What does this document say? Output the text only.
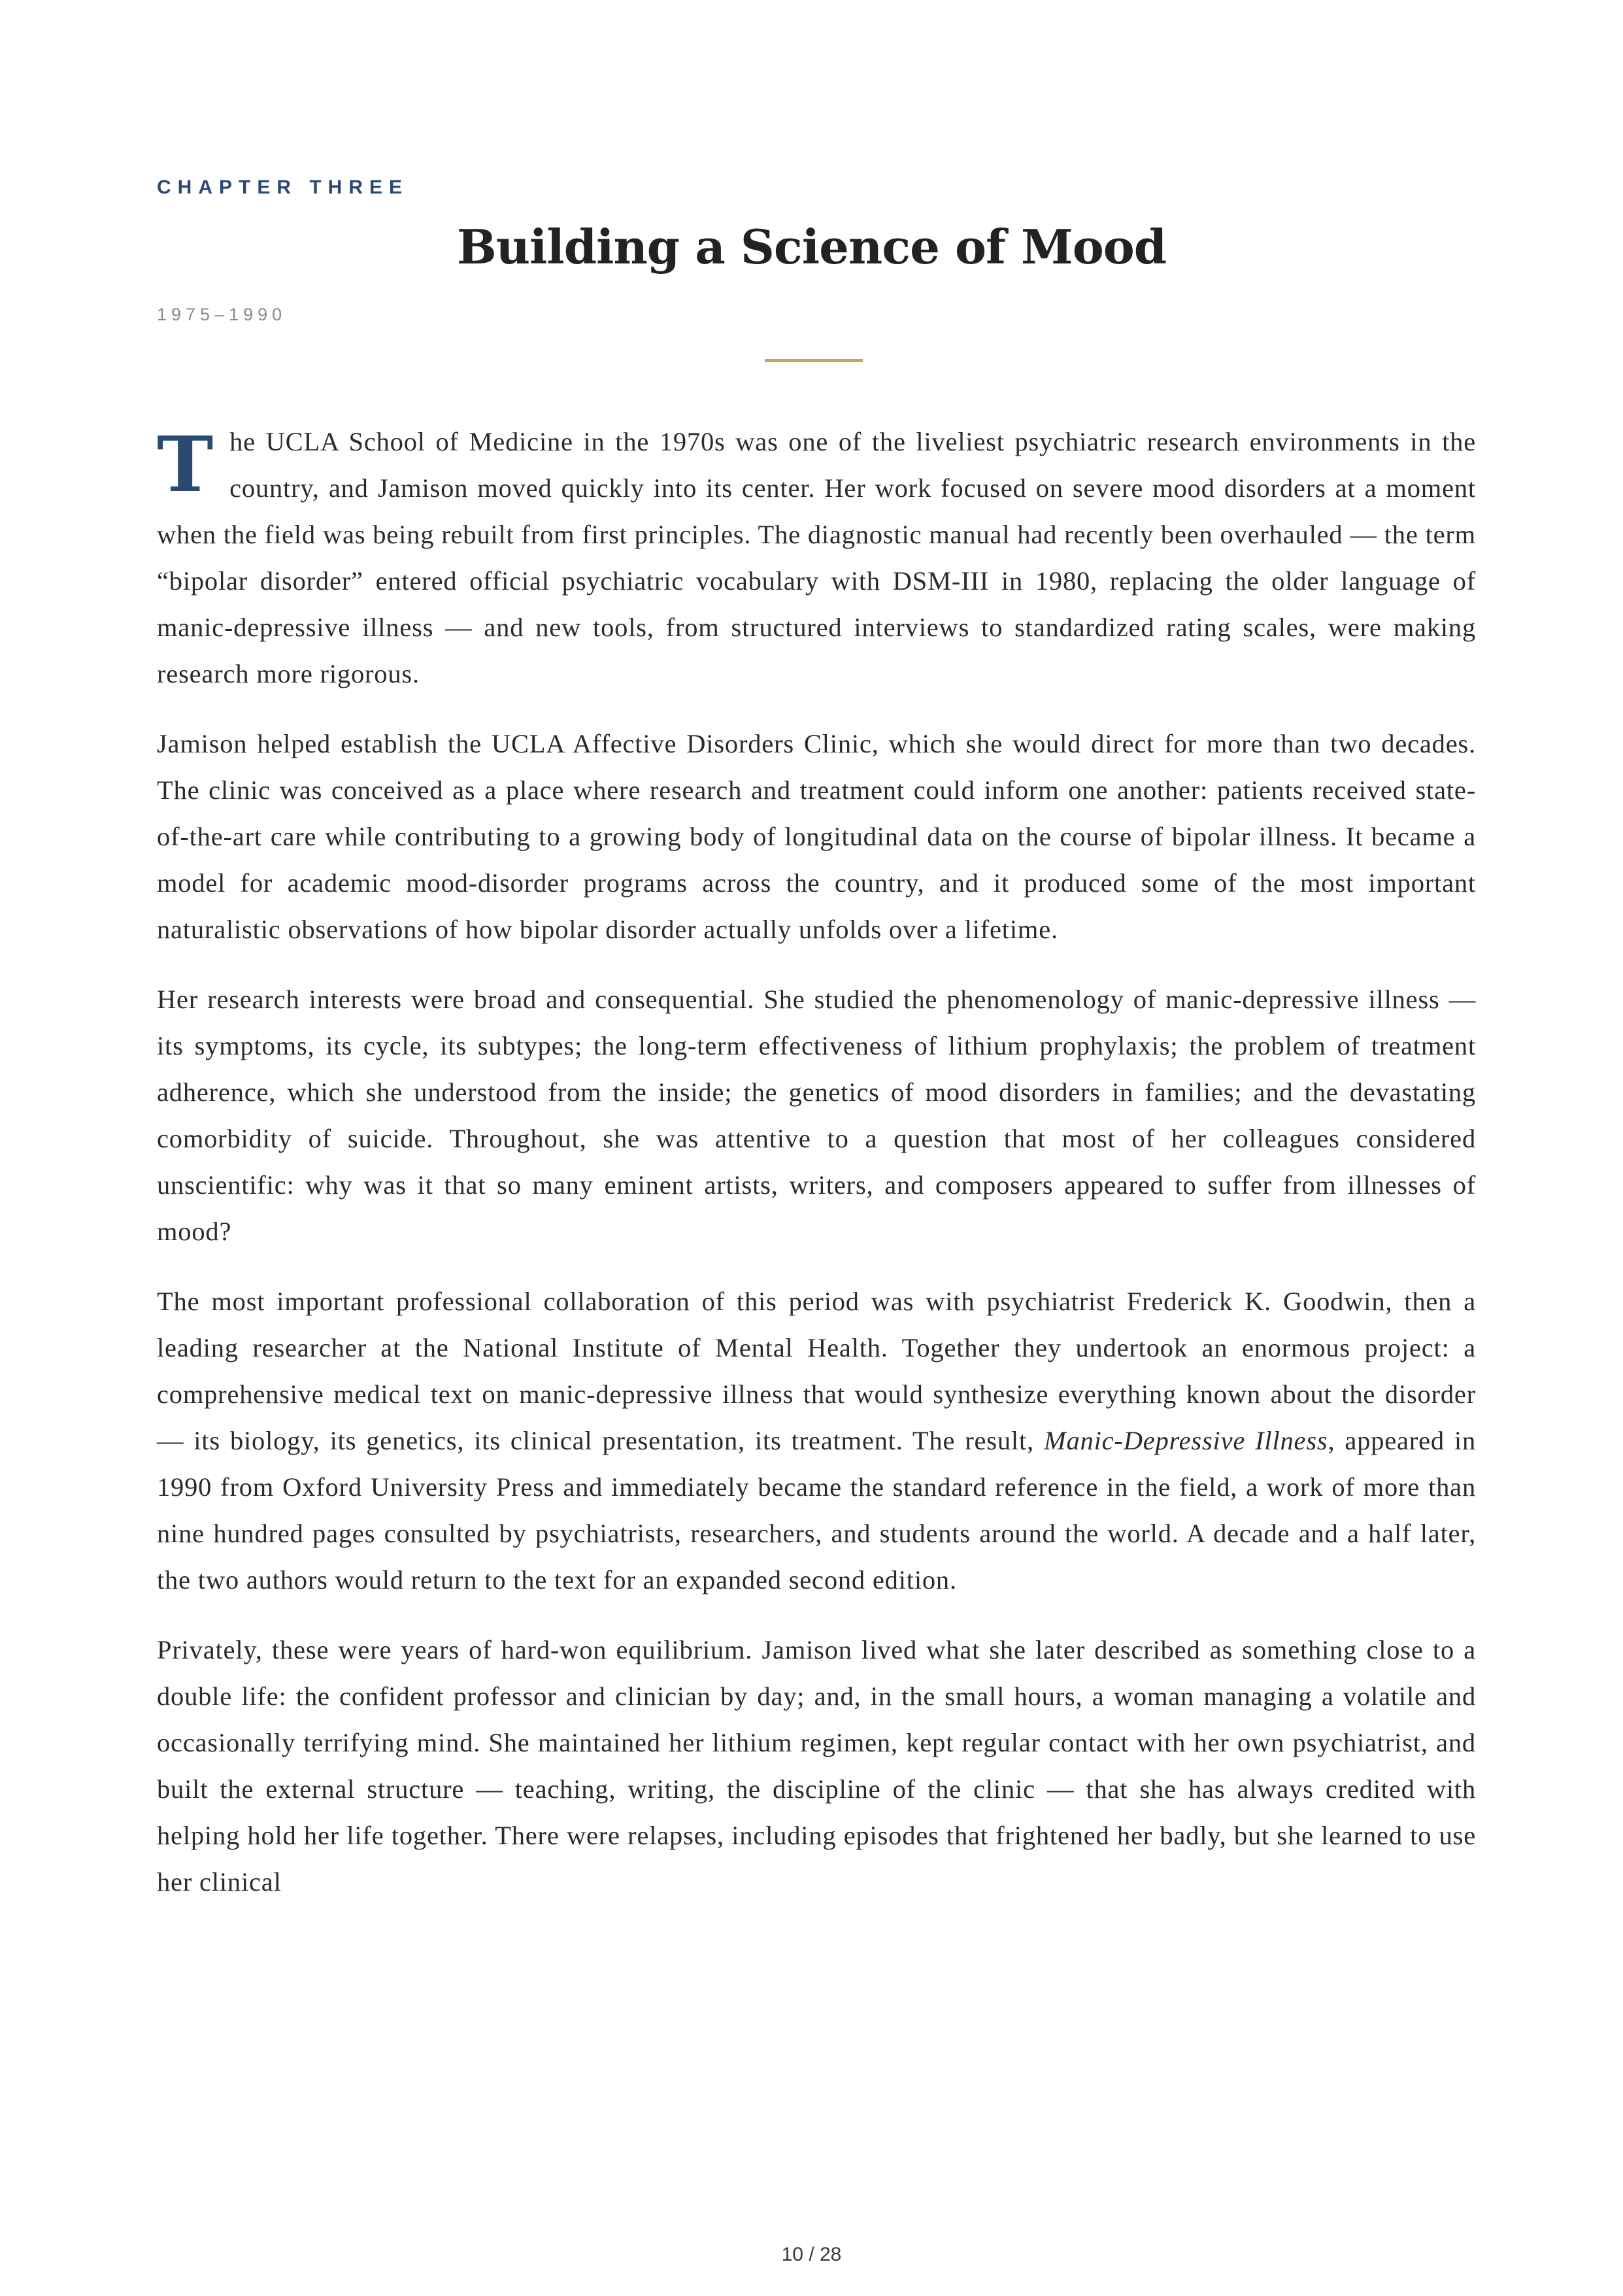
CHAPTER THREE
Building a Science of Mood
1975–1990

The UCLA School of Medicine in the 1970s was one of the liveliest psychiatric research environments in the country, and Jamison moved quickly into its center. Her work focused on severe mood disorders at a moment when the field was being rebuilt from first principles. The diagnostic manual had recently been overhauled — the term “bipolar disorder” entered official psychiatric vocabulary with DSM-III in 1980, replacing the older language of manic-depressive illness — and new tools, from structured interviews to standardized rating scales, were making research more rigorous.

Jamison helped establish the UCLA Affective Disorders Clinic, which she would direct for more than two decades. The clinic was conceived as a place where research and treatment could inform one another: patients received state-of-the-art care while contributing to a growing body of longitudinal data on the course of bipolar illness. It became a model for academic mood-disorder programs across the country, and it produced some of the most important naturalistic observations of how bipolar disorder actually unfolds over a lifetime.

Her research interests were broad and consequential. She studied the phenomenology of manic-depressive illness — its symptoms, its cycle, its subtypes; the long-term effectiveness of lithium prophylaxis; the problem of treatment adherence, which she understood from the inside; the genetics of mood disorders in families; and the devastating comorbidity of suicide. Throughout, she was attentive to a question that most of her colleagues considered unscientific: why was it that so many eminent artists, writers, and composers appeared to suffer from illnesses of mood?

The most important professional collaboration of this period was with psychiatrist Frederick K. Goodwin, then a leading researcher at the National Institute of Mental Health. Together they undertook an enormous project: a comprehensive medical text on manic-depressive illness that would synthesize everything known about the disorder — its biology, its genetics, its clinical presentation, its treatment. The result, Manic-Depressive Illness, appeared in 1990 from Oxford University Press and immediately became the standard reference in the field, a work of more than nine hundred pages consulted by psychiatrists, researchers, and students around the world. A decade and a half later, the two authors would return to the text for an expanded second edition.

Privately, these were years of hard-won equilibrium. Jamison lived what she later described as something close to a double life: the confident professor and clinician by day; and, in the small hours, a woman managing a volatile and occasionally terrifying mind. She maintained her lithium regimen, kept regular contact with her own psychiatrist, and built the external structure — teaching, writing, the discipline of the clinic — that she has always credited with helping hold her life together. There were relapses, including episodes that frightened her badly, but she learned to use her clinical

10 / 28
